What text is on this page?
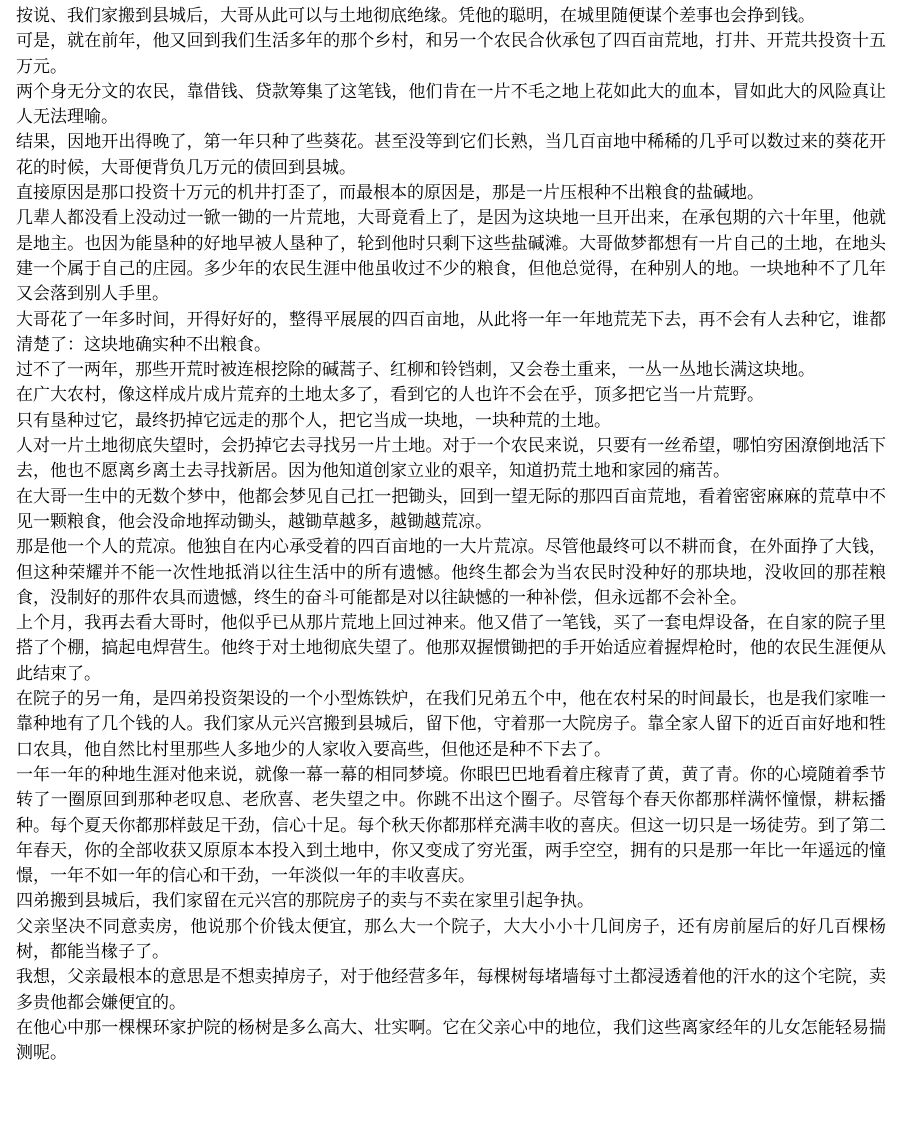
按说、我们家搬到县城后，大哥从此可以与土地彻底绝缘。凭他的聪明，在城里随便谋个差事也会挣到钱。

可是，就在前年，他又回到我们生活多年的那个乡村，和另一个农民合伙承包了四百亩荒地，打井、开荒共投资十五万元。

两个身无分文的农民，靠借钱、贷款筹集了这笔钱，他们肯在一片不毛之地上花如此大的血本，冒如此大的风险真让人无法理喻。

结果，因地开出得晚了，第一年只种了些葵花。甚至没等到它们长熟，当几百亩地中稀稀的几乎可以数过来的葵花开花的时候，大哥便背负几万元的债回到县城。

直接原因是那口投资十万元的机井打歪了，而最根本的原因是，那是一片压根种不出粮食的盐碱地。

几辈人都没看上没动过一锨一锄的一片荒地，大哥竟看上了，是因为这块地一旦开出来，在承包期的六十年里，他就是地主。也因为能垦种的好地早被人垦种了，轮到他时只剩下这些盐碱滩。大哥做梦都想有一片自己的土地，在地头建一个属于自己的庄园。多少年的农民生涯中他虽收过不少的粮食，但他总觉得，在种别人的地。一块地种不了几年又会落到别人手里。

大哥花了一年多时间，开得好好的，整得平展展的四百亩地，从此将一年一年地荒芜下去，再不会有人去种它，谁都清楚了：这块地确实种不出粮食。

过不了一两年，那些开荒时被连根挖除的碱蒿子、红柳和铃铛刺，又会卷土重来，一丛一丛地长满这块地。

在广大农村，像这样成片成片荒弃的土地太多了，看到它的人也许不会在乎，顶多把它当一片荒野。

只有垦种过它，最终扔掉它远走的那个人，把它当成一块地，一块种荒的土地。

人对一片土地彻底失望时，会扔掉它去寻找另一片土地。对于一个农民来说，只要有一丝希望，哪怕穷困潦倒地活下去，他也不愿离乡离土去寻找新居。因为他知道创家立业的艰辛，知道扔荒土地和家园的痛苦。

在大哥一生中的无数个梦中，他都会梦见自己扛一把锄头，回到一望无际的那四百亩荒地，看着密密麻麻的荒草中不见一颗粮食，他会没命地挥动锄头，越锄草越多，越锄越荒凉。

那是他一个人的荒凉。他独自在内心承受着的四百亩地的一大片荒凉。尽管他最终可以不耕而食，在外面挣了大钱，但这种荣耀并不能一次性地抵消以往生活中的所有遗憾。他终生都会为当农民时没种好的那块地，没收回的那茬粮食，没制好的那件农具而遗憾，终生的奋斗可能都是对以往缺憾的一种补偿，但永远都不会补全。

上个月，我再去看大哥时，他似乎已从那片荒地上回过神来。他又借了一笔钱，买了一套电焊设备，在自家的院子里搭了个棚，搞起电焊营生。他终于对土地彻底失望了。他那双握惯锄把的手开始适应着握焊枪时，他的农民生涯便从此结束了。

在院子的另一角，是四弟投资架设的一个小型炼铁炉，在我们兄弟五个中，他在农村呆的时间最长，也是我们家唯一靠种地有了几个钱的人。我们家从元兴宫搬到县城后，留下他，守着那一大院房子。靠全家人留下的近百亩好地和牲口农具，他自然比村里那些人多地少的人家收入要高些，但他还是种不下去了。

一年一年的种地生涯对他来说，就像一幕一幕的相同梦境。你眼巴巴地看着庄稼青了黄，黄了青。你的心境随着季节转了一圈原回到那种老叹息、老欣喜、老失望之中。你跳不出这个圈子。尽管每个春天你都那样满怀憧憬，耕耘播种。每个夏天你都那样鼓足干劲，信心十足。每个秋天你都那样充满丰收的喜庆。但这一切只是一场徒劳。到了第二年春天，你的全部收获又原原本本投入到土地中，你又变成了穷光蛋，两手空空，拥有的只是那一年比一年遥远的憧憬，一年不如一年的信心和干劲，一年淡似一年的丰收喜庆。

四弟搬到县城后，我们家留在元兴宫的那院房子的卖与不卖在家里引起争执。

父亲坚决不同意卖房，他说那个价钱太便宜，那么大一个院子，大大小小十几间房子，还有房前屋后的好几百棵杨树，都能当椽子了。

我想，父亲最根本的意思是不想卖掉房子，对于他经营多年，每棵树每堵墙每寸土都浸透着他的汗水的这个宅院，卖多贵他都会嫌便宜的。

在他心中那一棵棵环家护院的杨树是多么高大、壮实啊。它在父亲心中的地位，我们这些离家经年的儿女怎能轻易揣测呢。
